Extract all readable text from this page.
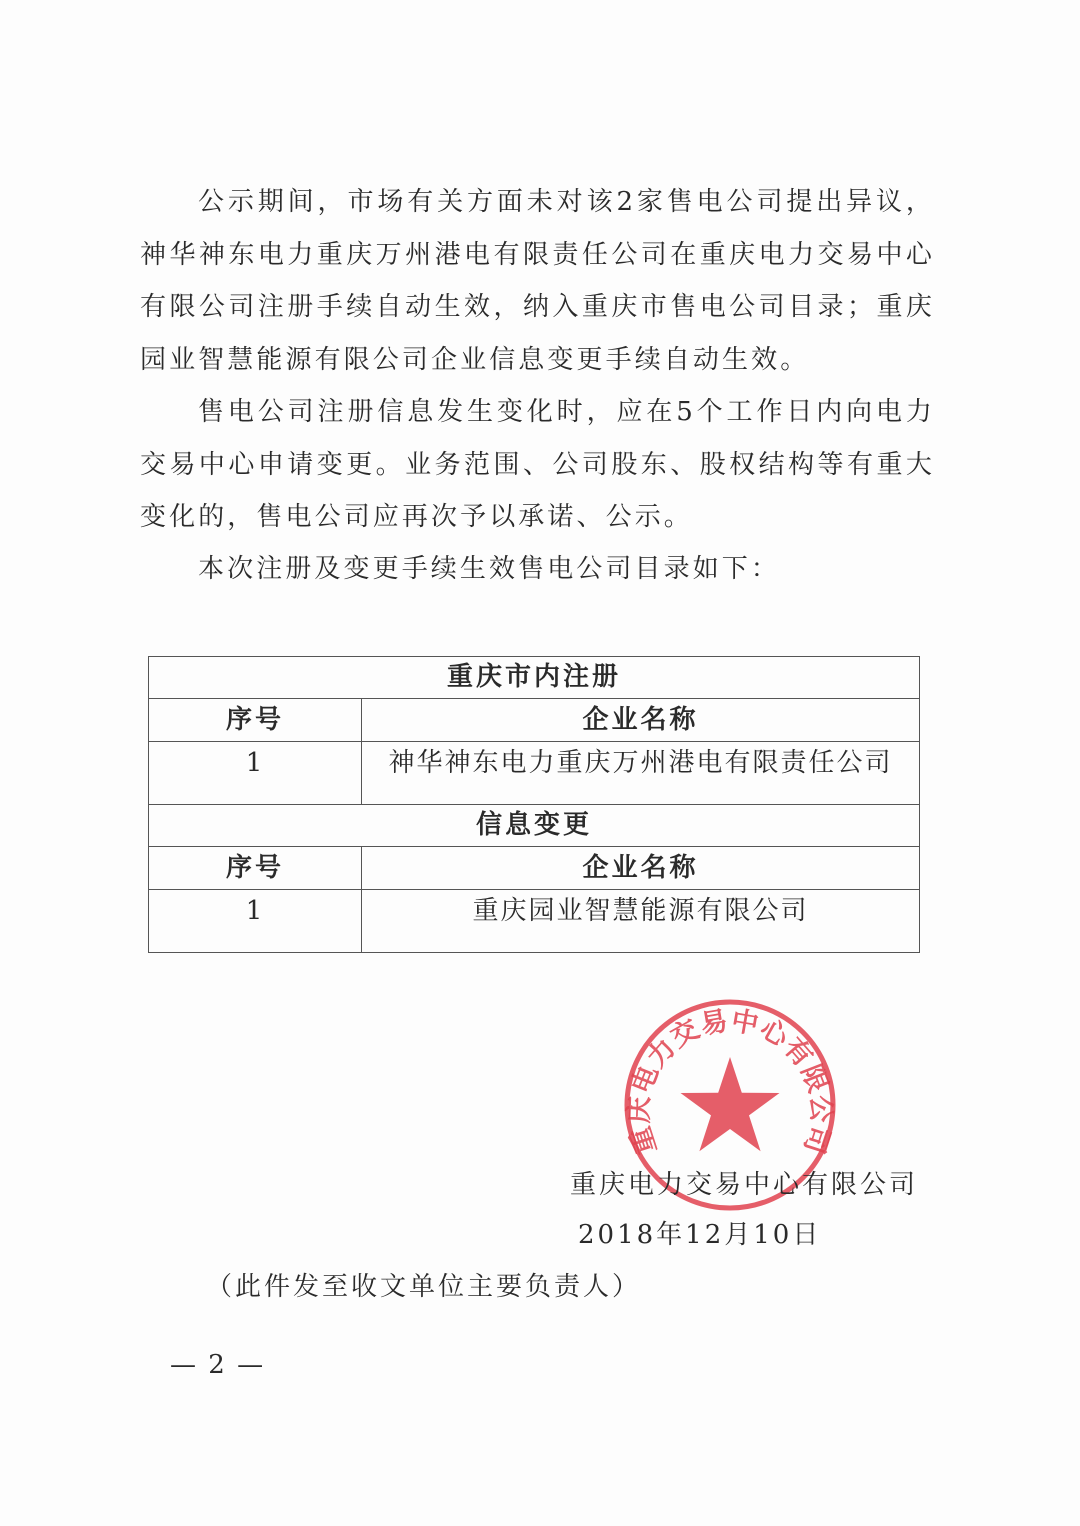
公示期间，市场有关方面未对该2家售电公司提出异议，神华神东电力重庆万州港电有限责任公司在重庆电力交易中心有限公司注册手续自动生效，纳入重庆市售电公司目录；重庆园业智慧能源有限公司企业信息变更手续自动生效。

售电公司注册信息发生变化时，应在5个工作日内向电力交易中心申请变更。业务范围、公司股东、股权结构等有重大变化的，售电公司应再次予以承诺、公示。

本次注册及变更手续生效售电公司目录如下：

重庆市内注册	
序号	企业名称
1	神华神东电力重庆万州港电有限责任公司
信息变更	
序号	企业名称
1	重庆园业智慧能源有限公司
重庆电力交易中心有限公司

重庆电力交易中心有限公司

2018年12月10日

（此件发至收文单位主要负责人）

— 2 —
